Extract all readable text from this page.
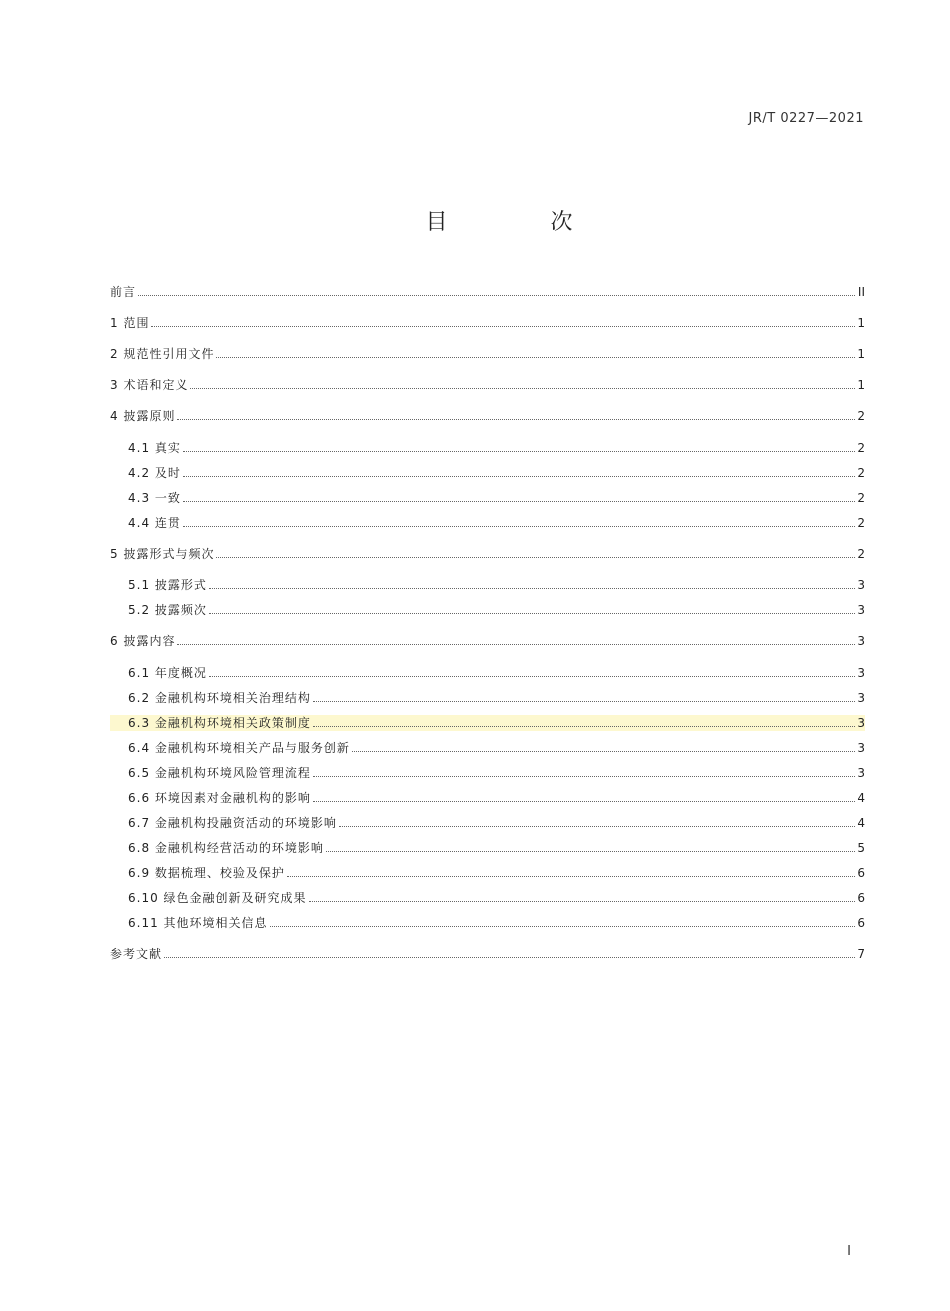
JR/T 0227—2021
目 次
前言	II
1 范围	1
2 规范性引用文件	1
3 术语和定义	1
4 披露原则	2
4.1 真实	2
4.2 及时	2
4.3 一致	2
4.4 连贯	2
5 披露形式与频次	2
5.1 披露形式	3
5.2 披露频次	3
6 披露内容	3
6.1 年度概况	3
6.2 金融机构环境相关治理结构	3
6.3 金融机构环境相关政策制度	3
6.4 金融机构环境相关产品与服务创新	3
6.5 金融机构环境风险管理流程	3
6.6 环境因素对金融机构的影响	4
6.7 金融机构投融资活动的环境影响	4
6.8 金融机构经营活动的环境影响	5
6.9 数据梳理、校验及保护	6
6.10 绿色金融创新及研究成果	6
6.11 其他环境相关信息	6
参考文献	7
I
